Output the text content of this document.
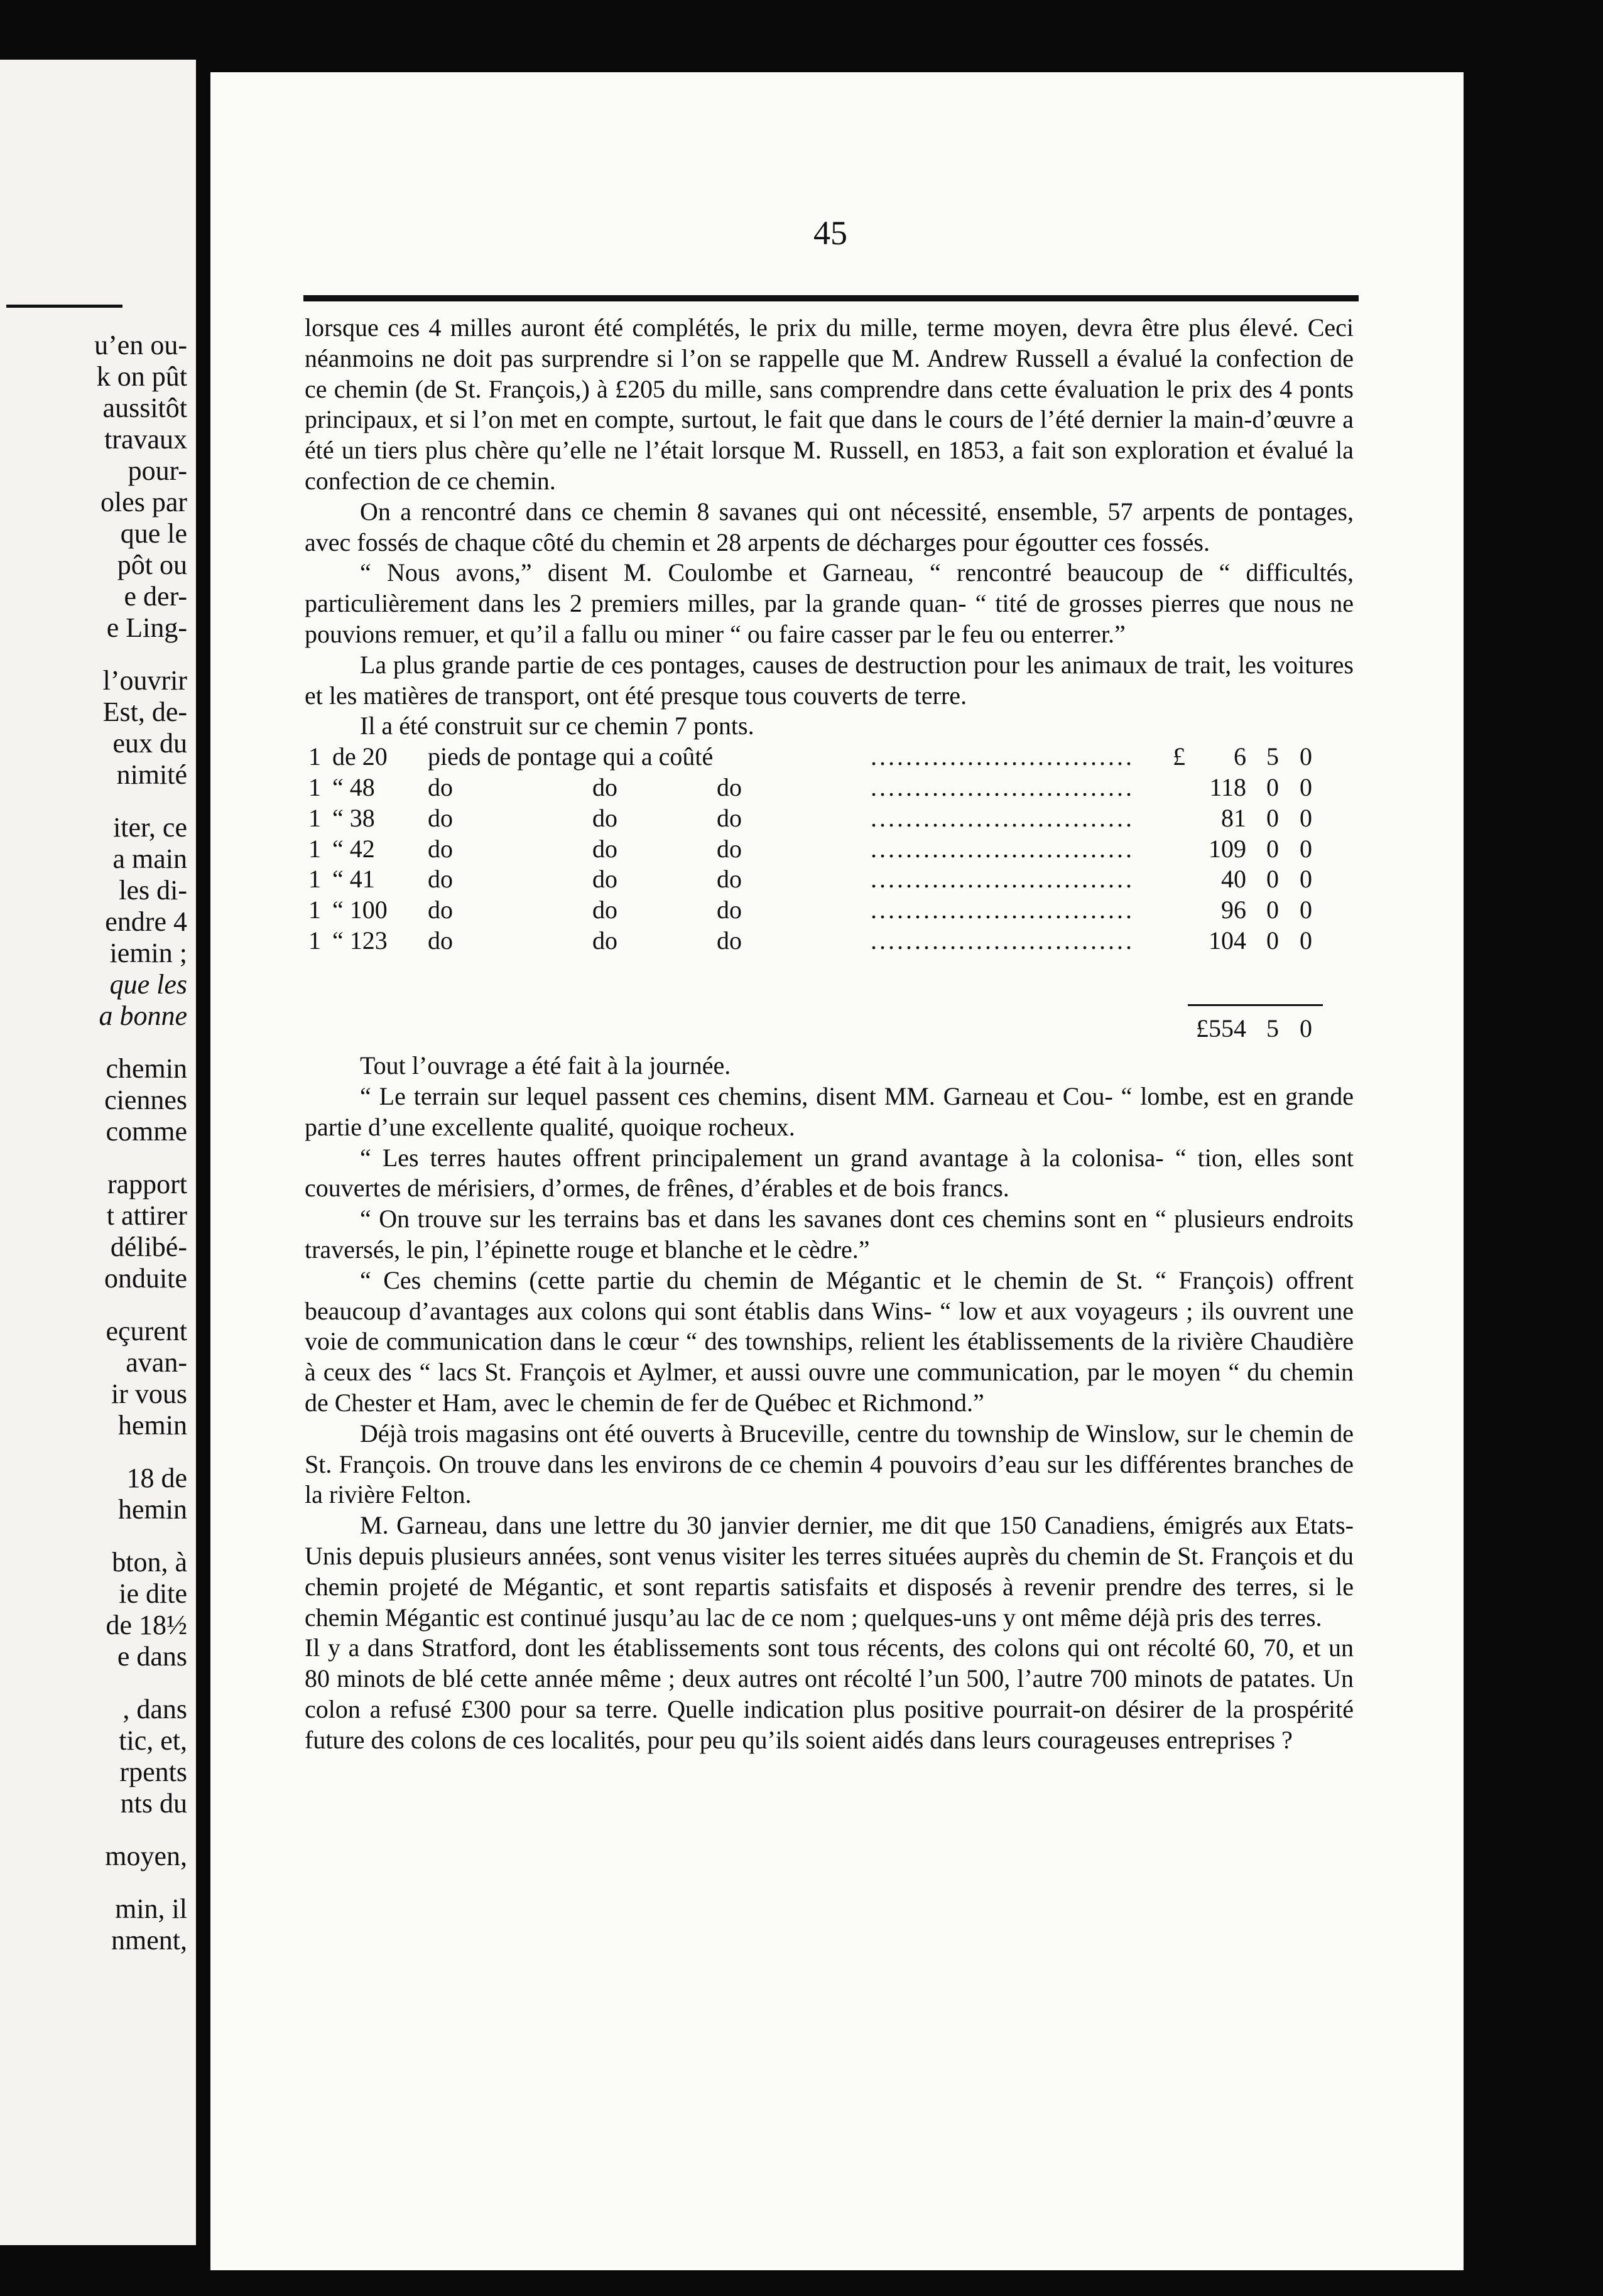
u’en ou-
k on pût
aussitôt
travaux
pour-
oles par
que le
pôt ou
e der-
e Ling-
l’ouvrir
Est, de-
eux du
nimité
iter, ce
a main
les di-
endre 4
iemin ;
que les
a bonne
chemin
ciennes
comme
rapport
t attirer
délibé-
onduite
eçurent
avan-
ir vous
hemin
18 de
hemin
bton, à
ie dite
de 18½
e dans
, dans
tic, et,
rpents
nts du
moyen,
min, il
nment,
45

lorsque ces 4 milles auront été complétés, le prix du mille, terme moyen, devra être plus élevé. Ceci néanmoins ne doit pas surprendre si l’on se rappelle que M. Andrew Russell a évalué la confection de ce chemin (de St. François,) à £205 du mille, sans comprendre dans cette évaluation le prix des 4 ponts principaux, et si l’on met en compte, surtout, le fait que dans le cours de l’été dernier la main-d’œuvre a été un tiers plus chère qu’elle ne l’était lorsque M. Russell, en 1853, a fait son exploration et évalué la confection de ce chemin.

On a rencontré dans ce chemin 8 savanes qui ont nécessité, ensemble, 57 arpents de pontages, avec fossés de chaque côté du chemin et 28 arpents de décharges pour égoutter ces fossés.

“ Nous avons,” disent M. Coulombe et Garneau, “ rencontré beaucoup de “ difficultés, particulièrement dans les 2 premiers milles, par la grande quan- “ tité de grosses pierres que nous ne pouvions remuer, et qu’il a fallu ou miner “ ou faire casser par le feu ou enterrer.”

La plus grande partie de ces pontages, causes de destruction pour les animaux de trait, les voitures et les matières de transport, ont été presque tous couverts de terre.

Il a été construit sur ce chemin 7 ponts.

1 de 20 pieds de pontage qui a coûté	£	6 5 0
..............................
1 “ 48 do	do	do	118 0 0
..............................
1 “ 38 do	do	do	81 0 0
..............................
1 “ 42 do	do	do	109 0 0
..............................
1 “ 41 do	do	do	40 0 0
..............................
1 “ 100 do	do	do	96 0 0
..............................
1 “ 123 do	do	do	104 0 0
..............................
£554 5 0

Tout l’ouvrage a été fait à la journée.

“ Le terrain sur lequel passent ces chemins, disent MM. Garneau et Cou- “ lombe, est en grande partie d’une excellente qualité, quoique rocheux.

“ Les terres hautes offrent principalement un grand avantage à la colonisa- “ tion, elles sont couvertes de mérisiers, d’ormes, de frênes, d’érables et de bois francs.

“ On trouve sur les terrains bas et dans les savanes dont ces chemins sont en “ plusieurs endroits traversés, le pin, l’épinette rouge et blanche et le cèdre.”

“ Ces chemins (cette partie du chemin de Mégantic et le chemin de St. “ François) offrent beaucoup d’avantages aux colons qui sont établis dans Wins- “ low et aux voyageurs ; ils ouvrent une voie de communication dans le cœur “ des townships, relient les établissements de la rivière Chaudière à ceux des “ lacs St. François et Aylmer, et aussi ouvre une communication, par le moyen “ du chemin de Chester et Ham, avec le chemin de fer de Québec et Richmond.”

Déjà trois magasins ont été ouverts à Bruceville, centre du township de Winslow, sur le chemin de St. François. On trouve dans les environs de ce chemin 4 pouvoirs d’eau sur les différentes branches de la rivière Felton.

M. Garneau, dans une lettre du 30 janvier dernier, me dit que 150 Canadiens, émigrés aux Etats-Unis depuis plusieurs années, sont venus visiter les terres situées auprès du chemin de St. François et du chemin projeté de Mégantic, et sont repartis satisfaits et disposés à revenir prendre des terres, si le chemin Mégantic est continué jusqu’au lac de ce nom ; quelques-uns y ont même déjà pris des terres.

Il y a dans Stratford, dont les établissements sont tous récents, des colons qui ont récolté 60, 70, et un 80 minots de blé cette année même ; deux autres ont récolté l’un 500, l’autre 700 minots de patates. Un colon a refusé £300 pour sa terre. Quelle indication plus positive pourrait-on désirer de la prospérité future des colons de ces localités, pour peu qu’ils soient aidés dans leurs courageuses entreprises ?
